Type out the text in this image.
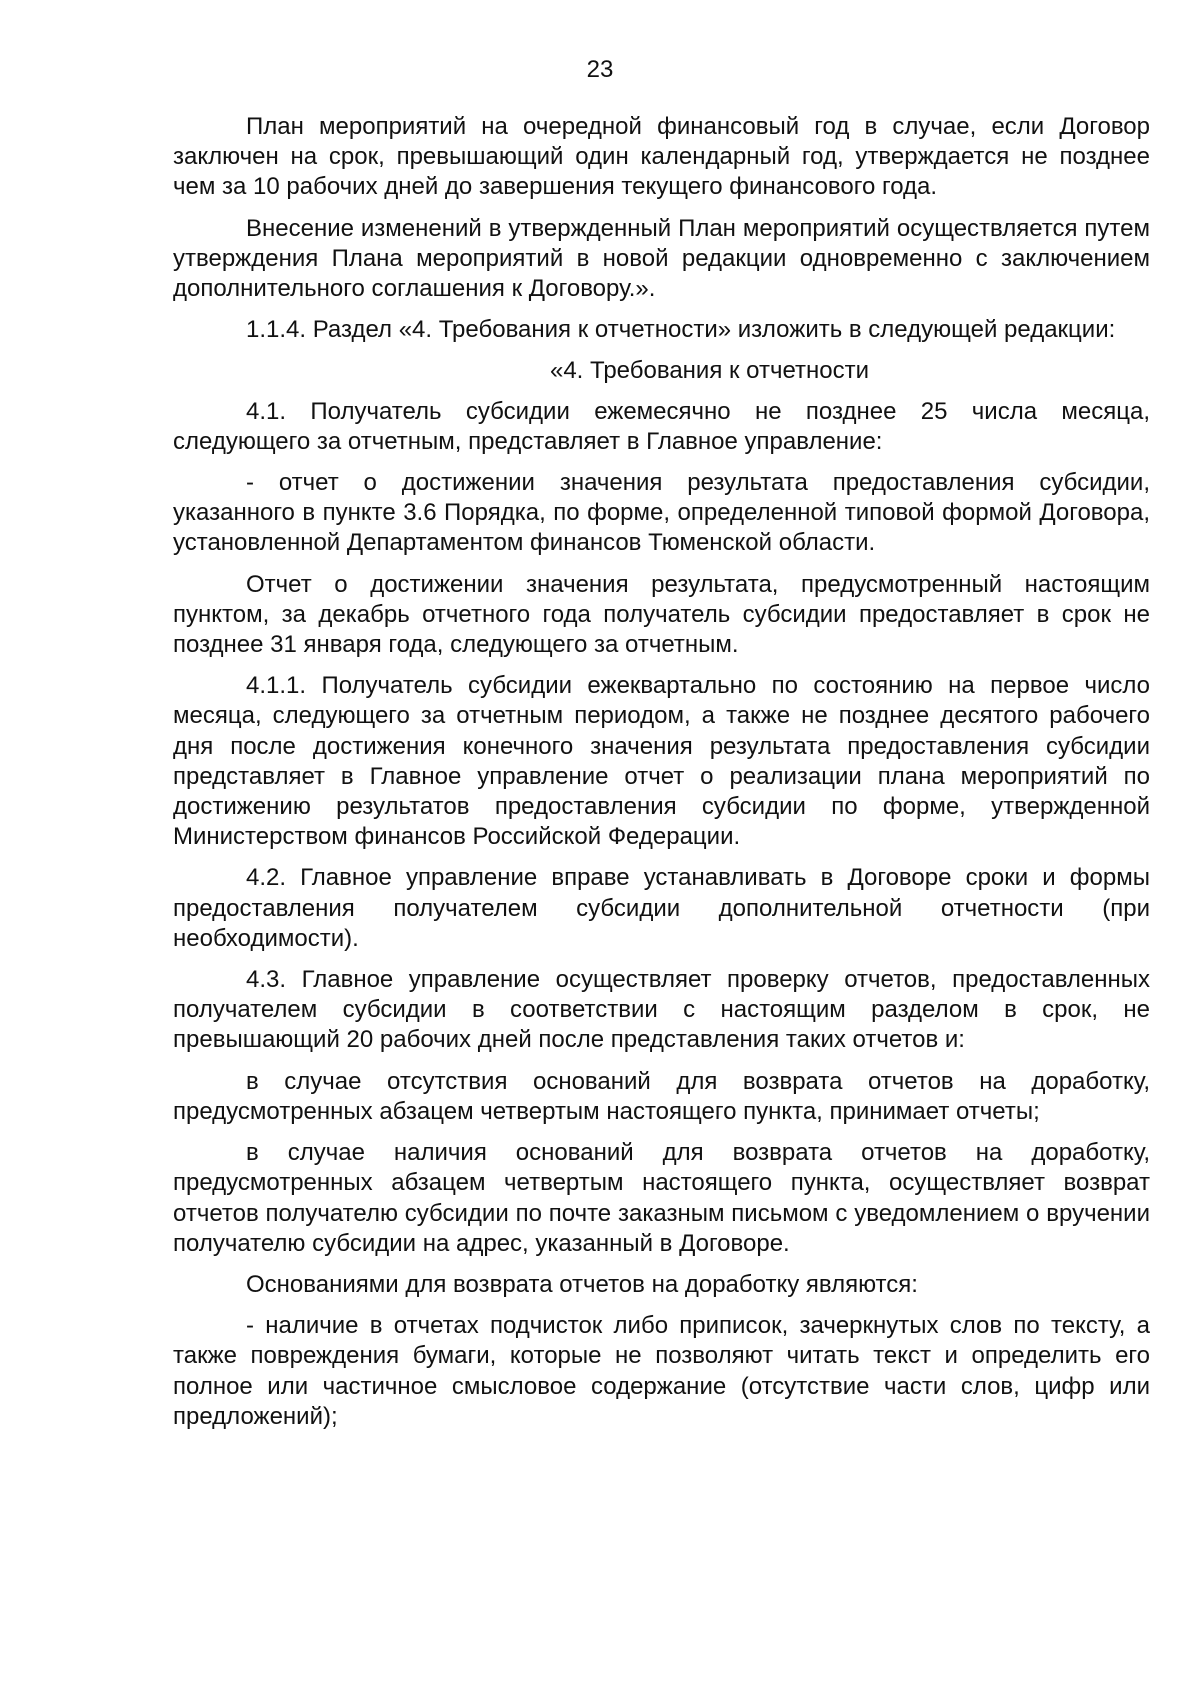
23

План мероприятий на очередной финансовый год в случае, если Договор заключен на срок, превышающий один календарный год, утверждается не позднее чем за 10 рабочих дней до завершения текущего финансового года.

Внесение изменений в утвержденный План мероприятий осуществляется путем утверждения Плана мероприятий в новой редакции одновременно с заключением дополнительного соглашения к Договору.».

1.1.4. Раздел «4. Требования к отчетности» изложить в следующей редакции:

«4. Требования к отчетности

4.1. Получатель субсидии ежемесячно не позднее 25 числа месяца, следующего за отчетным, представляет в Главное управление:

- отчет о достижении значения результата предоставления субсидии, указанного в пункте 3.6 Порядка, по форме, определенной типовой формой Договора, установленной Департаментом финансов Тюменской области.

Отчет о достижении значения результата, предусмотренный настоящим пунктом, за декабрь отчетного года получатель субсидии предоставляет в срок не позднее 31 января года, следующего за отчетным.

4.1.1. Получатель субсидии ежеквартально по состоянию на первое число месяца, следующего за отчетным периодом, а также не позднее десятого рабочего дня после достижения конечного значения результата предоставления субсидии представляет в Главное управление отчет о реализации плана мероприятий по достижению результатов предоставления субсидии по форме, утвержденной Министерством финансов Российской Федерации.

4.2. Главное управление вправе устанавливать в Договоре сроки и формы предоставления получателем субсидии дополнительной отчетности (при необходимости).

4.3. Главное управление осуществляет проверку отчетов, предоставленных получателем субсидии в соответствии с настоящим разделом в срок, не превышающий 20 рабочих дней после представления таких отчетов и:

в случае отсутствия оснований для возврата отчетов на доработку, предусмотренных абзацем четвертым настоящего пункта, принимает отчеты;

в случае наличия оснований для возврата отчетов на доработку, предусмотренных абзацем четвертым настоящего пункта, осуществляет возврат отчетов получателю субсидии по почте заказным письмом с уведомлением о вручении получателю субсидии на адрес, указанный в Договоре.

Основаниями для возврата отчетов на доработку являются:

- наличие в отчетах подчисток либо приписок, зачеркнутых слов по тексту, а также повреждения бумаги, которые не позволяют читать текст и определить его полное или частичное смысловое содержание (отсутствие части слов, цифр или предложений);
